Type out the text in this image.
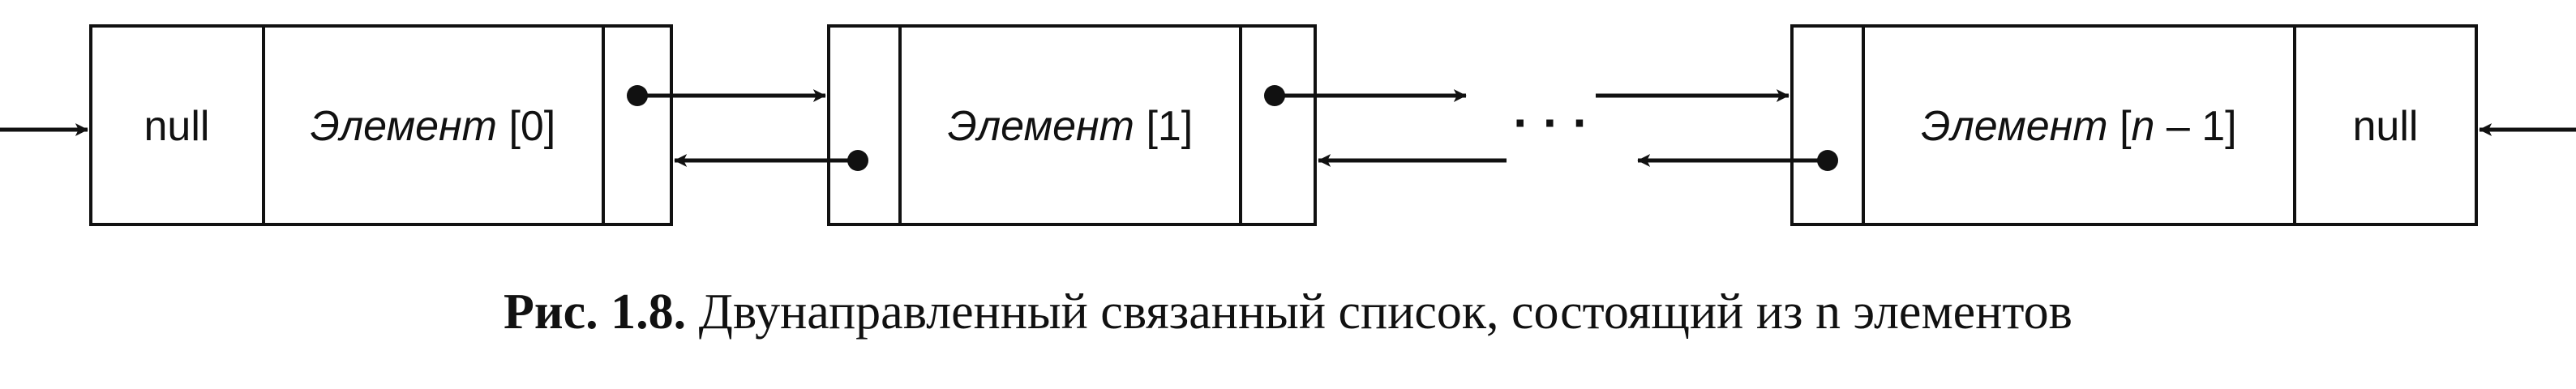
· · ·
null Элемент [0]	Элемент [1]	Элемент [n – 1]	null
Рис. 1.8. Двунаправленный связанный список, состоящий из n элементов
